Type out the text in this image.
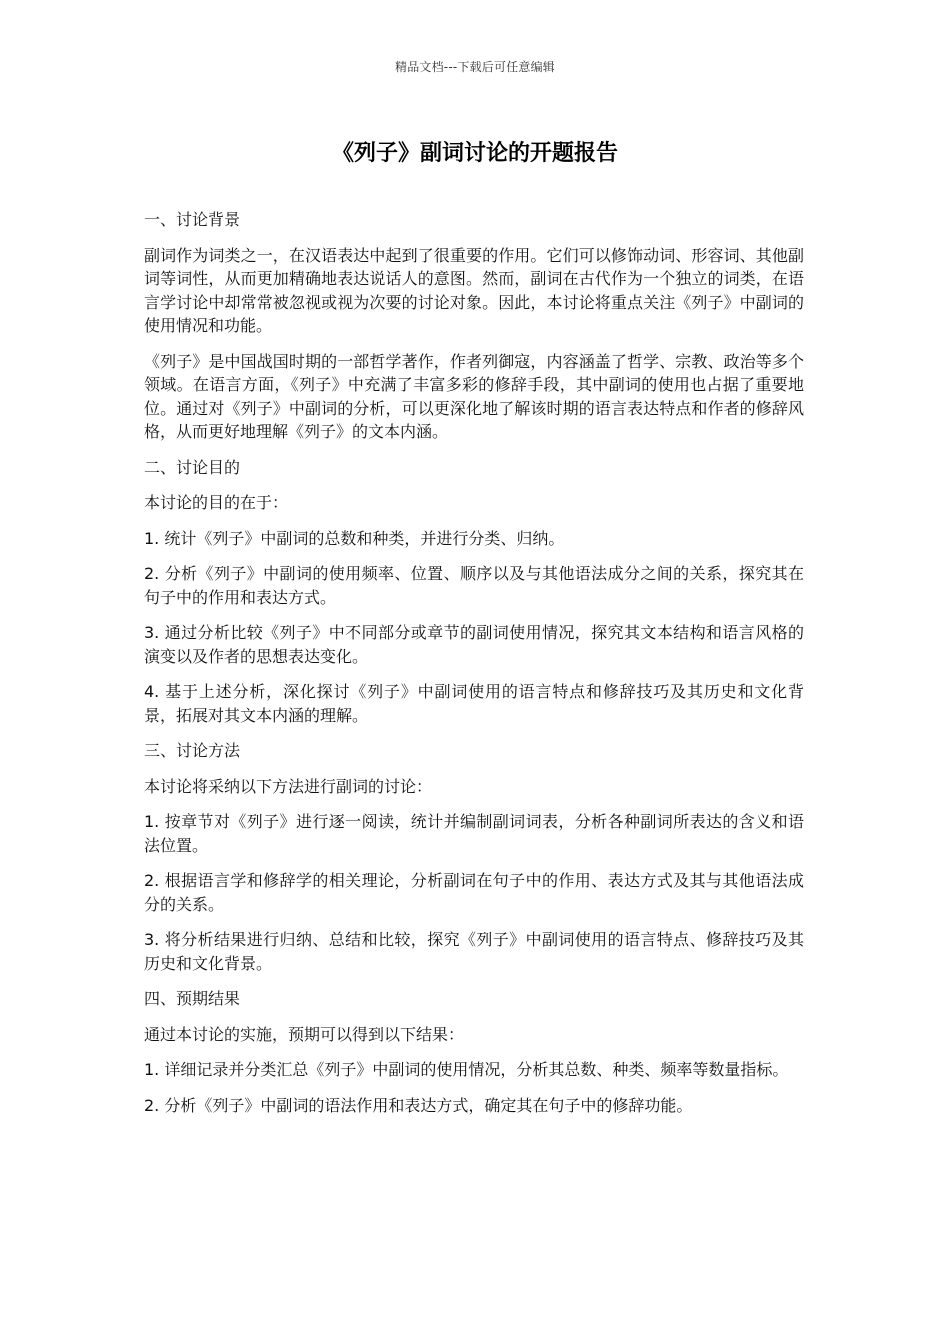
精品文档---下载后可任意编辑
《列子》副词讨论的开题报告
一、讨论背景

副词作为词类之一，在汉语表达中起到了很重要的作用。它们可以修饰动词、形容词、其他副词等词性，从而更加精确地表达说话人的意图。然而，副词在古代作为一个独立的词类，在语言学讨论中却常常被忽视或视为次要的讨论对象。因此，本讨论将重点关注《列子》中副词的使用情况和功能。

《列子》是中国战国时期的一部哲学著作，作者列御寇，内容涵盖了哲学、宗教、政治等多个领域。在语言方面，《列子》中充满了丰富多彩的修辞手段，其中副词的使用也占据了重要地位。通过对《列子》中副词的分析，可以更深化地了解该时期的语言表达特点和作者的修辞风格，从而更好地理解《列子》的文本内涵。

二、讨论目的

本讨论的目的在于：

1. 统计《列子》中副词的总数和种类，并进行分类、归纳。

2. 分析《列子》中副词的使用频率、位置、顺序以及与其他语法成分之间的关系，探究其在句子中的作用和表达方式。

3. 通过分析比较《列子》中不同部分或章节的副词使用情况，探究其文本结构和语言风格的演变以及作者的思想表达变化。

4. 基于上述分析，深化探讨《列子》中副词使用的语言特点和修辞技巧及其历史和文化背景，拓展对其文本内涵的理解。

三、讨论方法

本讨论将采纳以下方法进行副词的讨论：

1. 按章节对《列子》进行逐一阅读，统计并编制副词词表，分析各种副词所表达的含义和语法位置。

2. 根据语言学和修辞学的相关理论，分析副词在句子中的作用、表达方式及其与其他语法成分的关系。

3. 将分析结果进行归纳、总结和比较，探究《列子》中副词使用的语言特点、修辞技巧及其历史和文化背景。

四、预期结果

通过本讨论的实施，预期可以得到以下结果：

1. 详细记录并分类汇总《列子》中副词的使用情况，分析其总数、种类、频率等数量指标。

2. 分析《列子》中副词的语法作用和表达方式，确定其在句子中的修辞功能。
